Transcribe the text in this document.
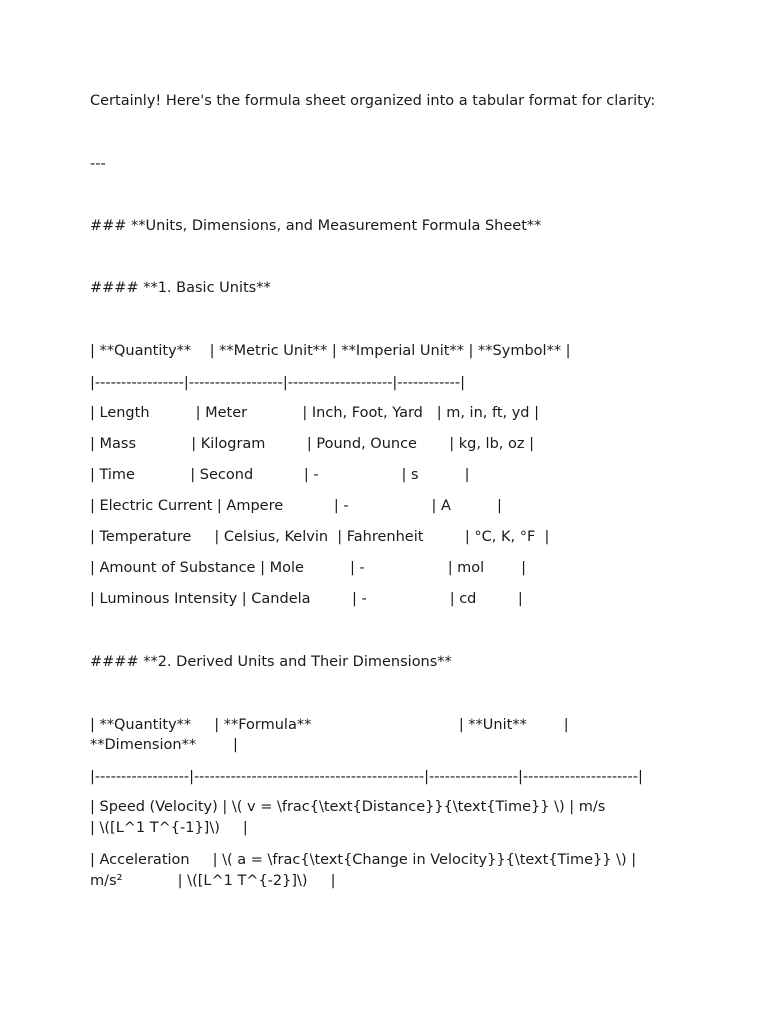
Certainly! Here's the formula sheet organized into a tabular format for clarity:
---
### **Units, Dimensions, and Measurement Formula Sheet**
#### **1. Basic Units**
| **Quantity**    | **Metric Unit** | **Imperial Unit** | **Symbol** |
|-----------------|------------------|--------------------|------------|
| Length          | Meter            | Inch, Foot, Yard   | m, in, ft, yd |
| Mass            | Kilogram         | Pound, Ounce       | kg, lb, oz |
| Time            | Second           | -                  | s          |
| Electric Current | Ampere           | -                  | A          |
| Temperature     | Celsius, Kelvin  | Fahrenheit         | °C, K, °F  |
| Amount of Substance | Mole          | -                  | mol        |
| Luminous Intensity | Candela         | -                  | cd         |
#### **2. Derived Units and Their Dimensions**
| **Quantity**     | **Formula**                                | **Unit**        |
**Dimension**        |
|------------------|--------------------------------------------|-----------------|----------------------|
| Speed (Velocity) | \( v = \frac{\text{Distance}}{\text{Time}} \) | m/s
| \([L^1 T^{-1}]\)     |
| Acceleration     | \( a = \frac{\text{Change in Velocity}}{\text{Time}} \) |
m/s²            | \([L^1 T^{-2}]\)     |
